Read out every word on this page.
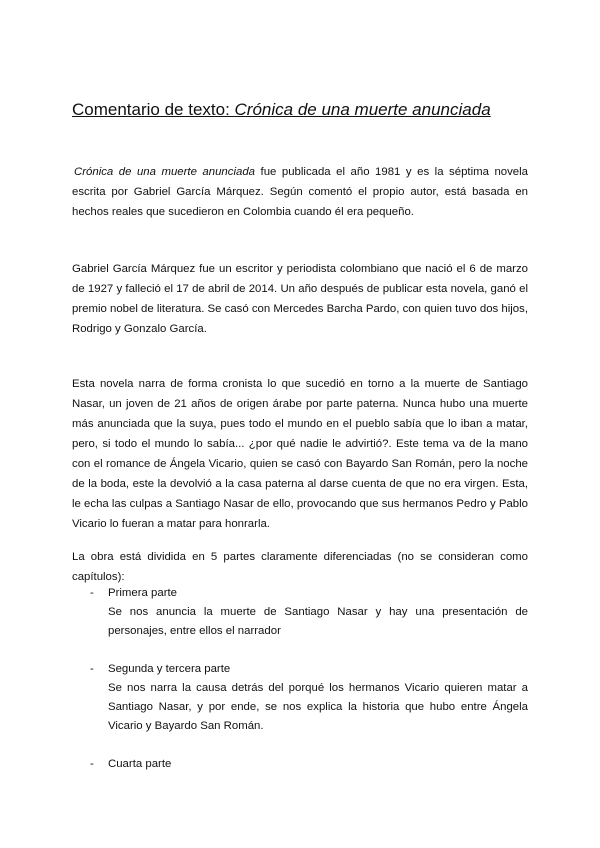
Comentario de texto: Crónica de una muerte anunciada

Crónica de una muerte anunciada fue publicada el año 1981 y es la séptima novela escrita por Gabriel García Márquez. Según comentó el propio autor, está basada en hechos reales que sucedieron en Colombia cuando él era pequeño.

Gabriel García Márquez fue un escritor y periodista colombiano que nació el 6 de marzo de 1927 y falleció el 17 de abril de 2014. Un año después de publicar esta novela, ganó el premio nobel de literatura. Se casó con Mercedes Barcha Pardo, con quien tuvo dos hijos, Rodrigo y Gonzalo García.

Esta novela narra de forma cronista lo que sucedió en torno a la muerte de Santiago Nasar, un joven de 21 años de origen árabe por parte paterna. Nunca hubo una muerte más anunciada que la suya, pues todo el mundo en el pueblo sabía que lo iban a matar, pero, si todo el mundo lo sabía... ¿por qué nadie le advirtió?. Este tema va de la mano con el romance de Ángela Vicario, quien se casó con Bayardo San Román, pero la noche de la boda, este la devolvió a la casa paterna al darse cuenta de que no era virgen. Esta, le echa las culpas a Santiago Nasar de ello, provocando que sus hermanos Pedro y Pablo Vicario lo fueran a matar para honrarla.

La obra está dividida en 5 partes claramente diferenciadas (no se consideran como capítulos):

- Primera parte
Se nos anuncia la muerte de Santiago Nasar y hay una presentación de personajes, entre ellos el narrador
- Segunda y tercera parte
Se nos narra la causa detrás del porqué los hermanos Vicario quieren matar a Santiago Nasar, y por ende, se nos explica la historia que hubo entre Ángela Vicario y Bayardo San Román.
- Cuarta parte
